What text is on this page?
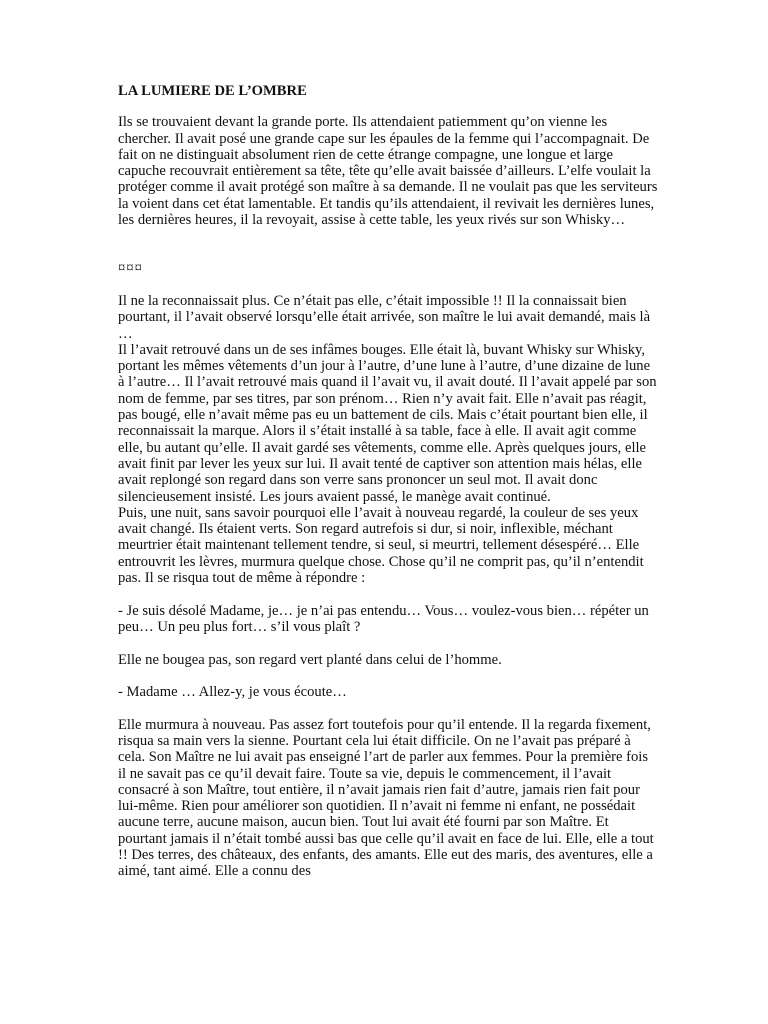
LA LUMIERE DE L’OMBRE

Ils se trouvaient devant la grande porte. Ils attendaient patiemment qu’on vienne les chercher. Il avait posé une grande cape sur les épaules de la femme qui l’accompagnait. De fait on ne distinguait absolument rien de cette étrange compagne, une longue et large capuche recouvrait entièrement sa tête, tête qu’elle avait baissée d’ailleurs. L’elfe voulait la protéger comme il avait protégé son maître à sa demande. Il ne voulait pas que les serviteurs la voient dans cet état lamentable. Et tandis qu’ils attendaient, il revivait les dernières lunes, les dernières heures, il la revoyait, assise à cette table, les yeux rivés sur son Whisky…

¤¤¤

Il ne la reconnaissait plus. Ce n’était pas elle, c’était impossible !! Il la connaissait bien pourtant, il l’avait observé lorsqu’elle était arrivée, son maître le lui avait demandé, mais là …

Il l’avait retrouvé dans un de ses infâmes bouges. Elle était là, buvant Whisky sur Whisky, portant les mêmes vêtements d’un jour à l’autre, d’une lune à l’autre, d’une dizaine de lune à l’autre… Il l’avait retrouvé mais quand il l’avait vu, il avait douté. Il l’avait appelé par son nom de femme, par ses titres, par son prénom… Rien n’y avait fait. Elle n’avait pas réagit, pas bougé, elle n’avait même pas eu un battement de cils. Mais c’était pourtant bien elle, il reconnaissait la marque. Alors il s’était installé à sa table, face à elle. Il avait agit comme elle, bu autant qu’elle. Il avait gardé ses vêtements, comme elle. Après quelques jours, elle avait finit par lever les yeux sur lui. Il avait tenté de captiver son attention mais hélas, elle avait replongé son regard dans son verre sans prononcer un seul mot. Il avait donc silencieusement insisté. Les jours avaient passé, le manège avait continué.

Puis, une nuit, sans savoir pourquoi elle l’avait à nouveau regardé, la couleur de ses yeux avait changé. Ils étaient verts. Son regard autrefois si dur, si noir, inflexible, méchant meurtrier était maintenant tellement tendre, si seul, si meurtri, tellement désespéré… Elle entrouvrit les lèvres, murmura quelque chose. Chose qu’il ne comprit pas, qu’il n’entendit pas. Il se risqua tout de même à répondre :

- Je suis désolé Madame, je… je n’ai pas entendu… Vous… voulez-vous bien… répéter un peu… Un peu plus fort… s’il vous plaît ?

Elle ne bougea pas, son regard vert planté dans celui de l’homme.

- Madame … Allez-y, je vous écoute…

Elle murmura à nouveau. Pas assez fort toutefois pour qu’il entende. Il la regarda fixement, risqua sa main vers la sienne. Pourtant cela lui était difficile. On ne l’avait pas préparé à cela. Son Maître ne lui avait pas enseigné l’art de parler aux femmes. Pour la première fois il ne savait pas ce qu’il devait faire. Toute sa vie, depuis le commencement, il l’avait consacré à son Maître, tout entière, il n’avait jamais rien fait d’autre, jamais rien fait pour lui-même. Rien pour améliorer son quotidien. Il n’avait ni femme ni enfant, ne possédait aucune terre, aucune maison, aucun bien. Tout lui avait été fourni par son Maître. Et pourtant jamais il n’était tombé aussi bas que celle qu’il avait en face de lui. Elle, elle a tout !! Des terres, des châteaux, des enfants, des amants. Elle eut des maris, des aventures, elle a aimé, tant aimé. Elle a connu des
